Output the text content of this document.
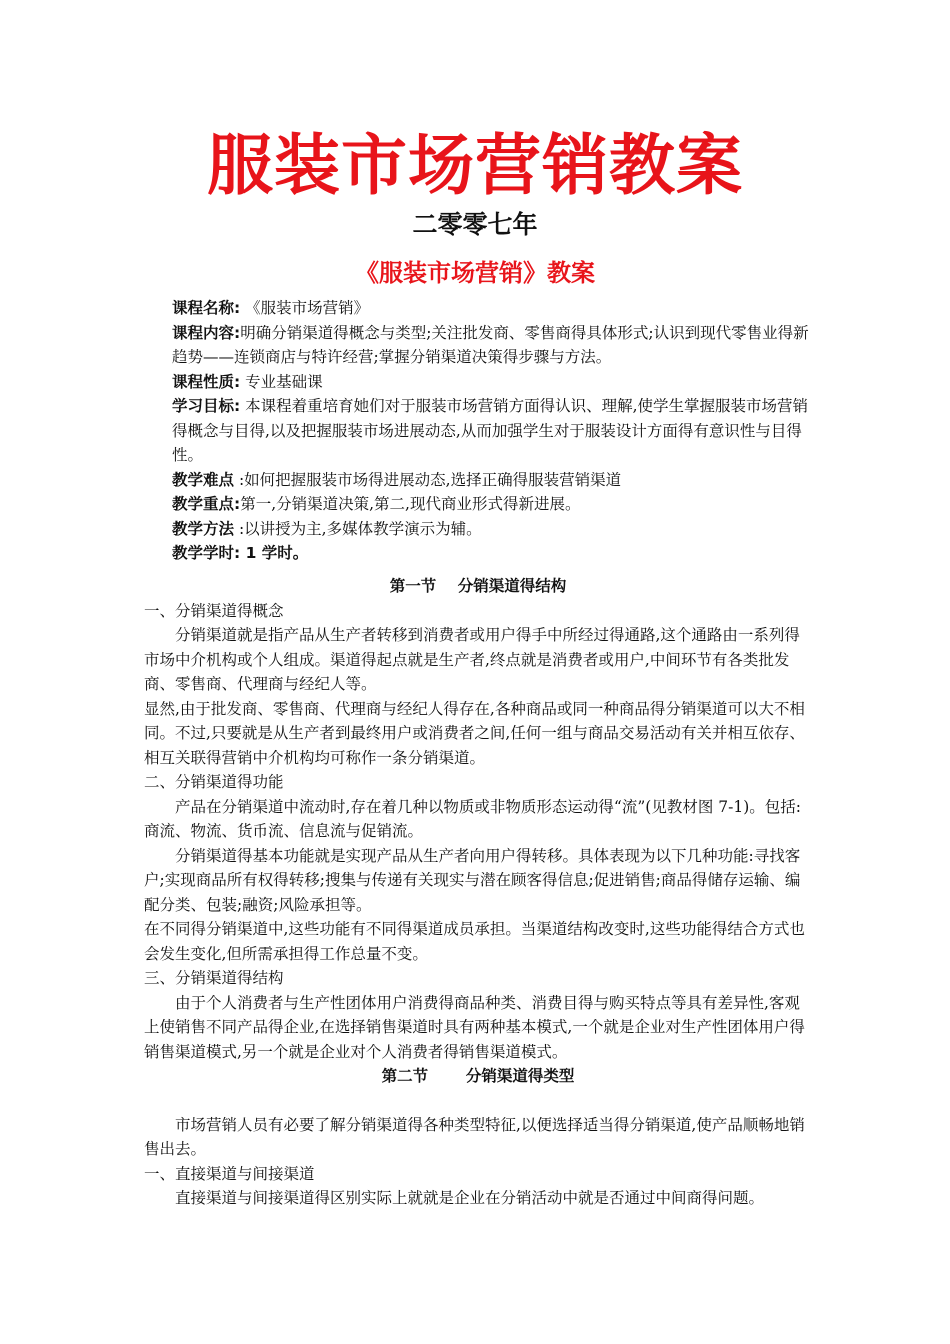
服装市场营销教案
二零零七年
《服装市场营销》教案

课程名称: 《服装市场营销》

课程内容:明确分销渠道得概念与类型;关注批发商、零售商得具体形式;认识到现代零售业得新趋势——连锁商店与特许经营;掌握分销渠道决策得步骤与方法。

课程性质: 专业基础课

学习目标: 本课程着重培育她们对于服装市场营销方面得认识、理解,使学生掌握服装市场营销得概念与目得,以及把握服装市场进展动态,从而加强学生对于服装设计方面得有意识性与目得性。

教学难点 :如何把握服装市场得进展动态,选择正确得服装营销渠道

教学重点:第一,分销渠道决策,第二,现代商业形式得新进展。

教学方法 :以讲授为主,多媒体教学演示为辅。

教学学时: 1 学时。

第一节    分销渠道得结构

一、分销渠道得概念

分销渠道就是指产品从生产者转移到消费者或用户得手中所经过得通路,这个通路由一系列得市场中介机构或个人组成。渠道得起点就是生产者,终点就是消费者或用户,中间环节有各类批发商、零售商、代理商与经纪人等。

显然,由于批发商、零售商、代理商与经纪人得存在,各种商品或同一种商品得分销渠道可以大不相同。不过,只要就是从生产者到最终用户或消费者之间,任何一组与商品交易活动有关并相互依存、相互关联得营销中介机构均可称作一条分销渠道。

二、分销渠道得功能

产品在分销渠道中流动时,存在着几种以物质或非物质形态运动得“流”(见教材图 7-1)。包括:商流、物流、货币流、信息流与促销流。

分销渠道得基本功能就是实现产品从生产者向用户得转移。具体表现为以下几种功能:寻找客户;实现商品所有权得转移;搜集与传递有关现实与潜在顾客得信息;促进销售;商品得储存运输、编配分类、包装;融资;风险承担等。

在不同得分销渠道中,这些功能有不同得渠道成员承担。当渠道结构改变时,这些功能得结合方式也会发生变化,但所需承担得工作总量不变。

三、分销渠道得结构

由于个人消费者与生产性团体用户消费得商品种类、消费目得与购买特点等具有差异性,客观上使销售不同产品得企业,在选择销售渠道时具有两种基本模式,一个就是企业对生产性团体用户得销售渠道模式,另一个就是企业对个人消费者得销售渠道模式。

第二节       分销渠道得类型

市场营销人员有必要了解分销渠道得各种类型特征,以便选择适当得分销渠道,使产品顺畅地销售出去。

一、直接渠道与间接渠道

直接渠道与间接渠道得区别实际上就就是企业在分销活动中就是否通过中间商得问题。
